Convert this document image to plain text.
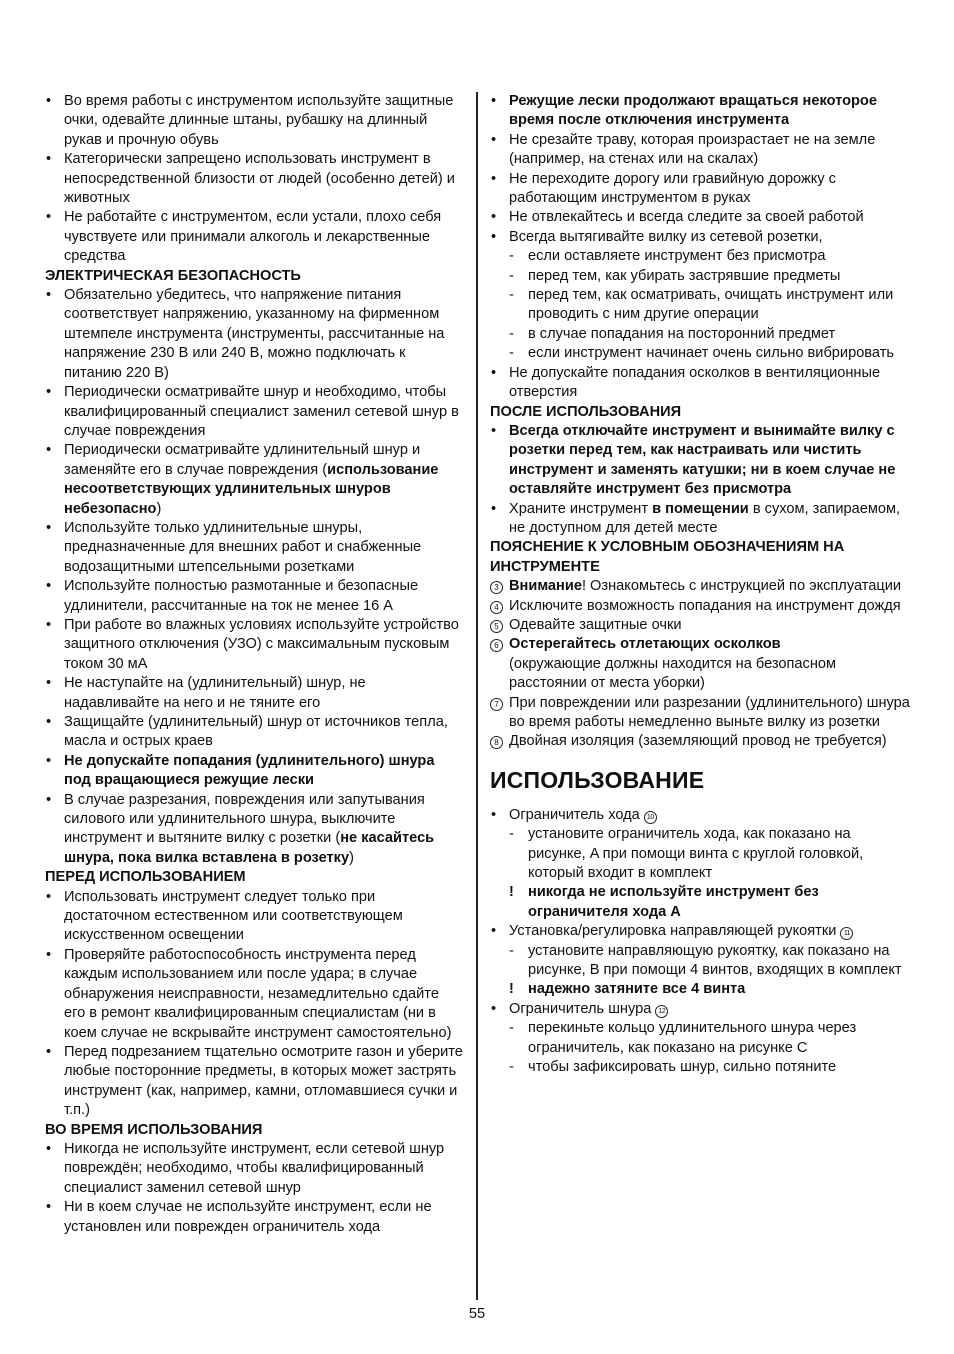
• Во время работы с инструментом используйте защитные очки, одевайте длинные штаны, рубашку на длинный рукав и прочную обувь
• Категорически запрещено использовать инструмент в непосредственной близости от людей (особенно детей) и животных
• Не работайте с инструментом, если устали, плохо себя чувствуете или принимали алкоголь и лекарственные средства
ЭЛЕКТРИЧЕСКАЯ БЕЗОПАСНОСТЬ
• Обязательно убедитесь, что напряжение питания соответствует напряжению, указанному на фирменном штемпеле инструмента (инструменты, рассчитанные на напряжение 230 В или 240 В, можно подключать к питанию 220 В)
• Периодически осматривайте шнур и необходимо, чтобы квалифицированный специалист заменил сетевой шнур в случае повреждения
• Периодически осматривайте удлинительный шнур и заменяйте его в случае повреждения (использование несоответствующих удлинительных шнуров небезопасно)
• Используйте только удлинительные шнуры, предназначенные для внешних работ и снабженные водозащитными штепсельными розетками
• Используйте полностью размотанные и безопасные удлинители, рассчитанные на ток не менее 16 А
• При работе во влажных условиях используйте устройство защитного отключения (УЗО) с максимальным пусковым током 30 мА
• Не наступайте на (удлинительный) шнур, не надавливайте на него и не тяните его
• Защищайте (удлинительный) шнур от источников тепла, масла и острых краев
• Не допускайте попадания (удлинительного) шнура под вращающиеся режущие лески
• В случае разрезания, повреждения или запутывания силового или удлинительного шнура, выключите инструмент и вытяните вилку с розетки (не касайтесь шнура, пока вилка вставлена в розетку)
ПЕРЕД ИСПОЛЬЗОВАНИЕМ
• Использовать инструмент следует только при достаточном естественном или соответствующем искусственном освещении
• Проверяйте работоспособность инструмента перед каждым использованием или после удара; в случае обнаружения неисправности, незамедлительно сдайте его в ремонт квалифицированным специалистам (ни в коем случае не вскрывайте инструмент самостоятельно)
• Перед подрезанием тщательно осмотрите газон и уберите любые посторонние предметы, в которых может застрять инструмент (как, например, камни, отломавшиеся сучки и т.п.)
ВО ВРЕМЯ ИСПОЛЬЗОВАНИЯ
• Никогда не используйте инструмент, если сетевой шнур повреждён; необходимо, чтобы квалифицированный специалист заменил сетевой шнур
• Ни в коем случае не используйте инструмент, если не установлен или поврежден ограничитель хода
• Режущие лески продолжают вращаться некоторое время после отключения инструмента
• Не срезайте траву, которая произрастает не на земле (например, на стенах или на скалах)
• Не переходите дорогу или гравийную дорожку с работающим инструментом в руках
• Не отвлекайтесь и всегда следите за своей работой
• Всегда вытягивайте вилку из сетевой розетки,
- если оставляете инструмент без присмотра
- перед тем, как убирать застрявшие предметы
- перед тем, как осматривать, очищать инструмент или проводить с ним другие операции
- в случае попадания на посторонний предмет
- если инструмент начинает очень сильно вибрировать
• Не допускайте попадания осколков в вентиляционные отверстия
ПОСЛЕ ИСПОЛЬЗОВАНИЯ
• Всегда отключайте инструмент и вынимайте вилку с розетки перед тем, как настраивать или чистить инструмент и заменять катушки; ни в коем случае не оставляйте инструмент без присмотра
• Храните инструмент в помещении в сухом, запираемом, не доступном для детей месте
ПОЯСНЕНИЕ К УСЛОВНЫМ ОБОЗНАЧЕНИЯМ НА ИНСТРУМЕНТЕ
3 Внимание! Ознакомьтесь с инструкцией по эксплуатации
4 Исключите возможность попадания на инструмент дождя
5 Одевайте защитные очки
6 Остерегайтесь отлетающих осколков
(окружающие должны находится на безопасном расстоянии от места уборки)
7 При повреждении или разрезании (удлинительного) шнура во время работы немедленно выньте вилку из розетки
8 Двойная изоляция (заземляющий провод не требуется)
ИСПОЛЬЗОВАНИЕ
• Ограничитель хода 10
- установите ограничитель хода, как показано на рисунке, A при помощи винта с круглой головкой, который входит в комплект
! никогда не используйте инструмент без ограничителя хода A
• Установка/регулировка направляющей рукоятки 11
- установите направляющую рукоятку, как показано на рисунке, B при помощи 4 винтов, входящих в комплект
! надежно затяните все 4 винта
• Ограничитель шнура 12
- перекиньте кольцо удлинительного шнура через ограничитель, как показано на рисунке C
- чтобы зафиксировать шнур, сильно потяните
55
